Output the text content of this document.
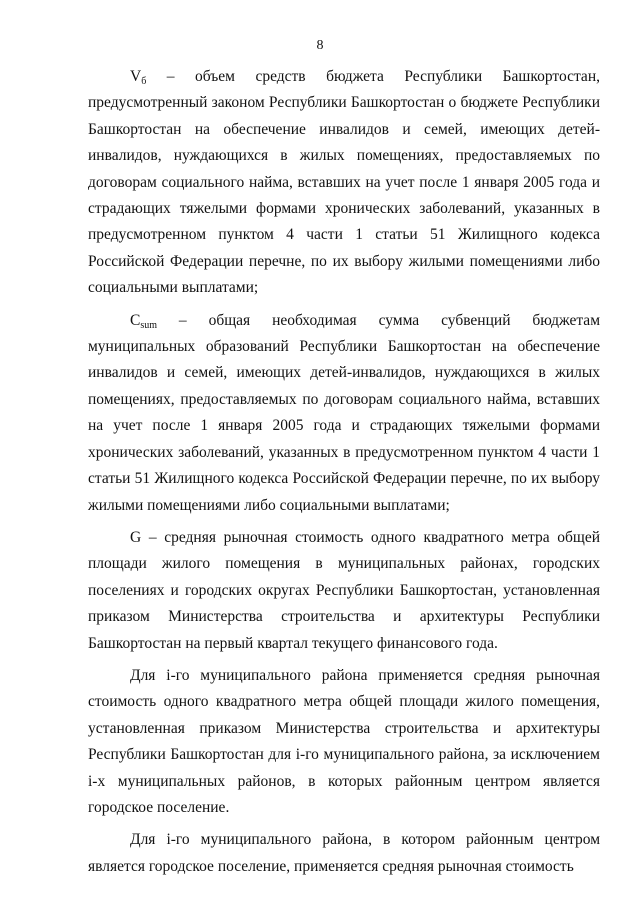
8

$V_б$ – объем средств бюджета Республики Башкортостан, предусмотренный законом Республики Башкортостан о бюджете Республики Башкортостан на обеспечение инвалидов и семей, имеющих детей-инвалидов, нуждающихся в жилых помещениях, предоставляемых по договорам социального найма, вставших на учет после 1 января 2005 года и страдающих тяжелыми формами хронических заболеваний, указанных в предусмотренном пунктом 4 части 1 статьи 51 Жилищного кодекса Российской Федерации перечне, по их выбору жилыми помещениями либо социальными выплатами;

$C_{sum}$ – общая необходимая сумма субвенций бюджетам муниципальных образований Республики Башкортостан на обеспечение инвалидов и семей, имеющих детей-инвалидов, нуждающихся в жилых помещениях, предоставляемых по договорам социального найма, вставших на учет после 1 января 2005 года и страдающих тяжелыми формами хронических заболеваний, указанных в предусмотренном пунктом 4 части 1 статьи 51 Жилищного кодекса Российской Федерации перечне, по их выбору жилыми помещениями либо социальными выплатами;

G – средняя рыночная стоимость одного квадратного метра общей площади жилого помещения в муниципальных районах, городских поселениях и городских округах Республики Башкортостан, установленная приказом Министерства строительства и архитектуры Республики Башкортостан на первый квартал текущего финансового года.

Для i-го муниципального района применяется средняя рыночная стоимость одного квадратного метра общей площади жилого помещения, установленная приказом Министерства строительства и архитектуры Республики Башкортостан для i-го муниципального района, за исключением i-х муниципальных районов, в которых районным центром является городское поселение.

Для i-го муниципального района, в котором районным центром является городское поселение, применяется средняя рыночная стоимость
